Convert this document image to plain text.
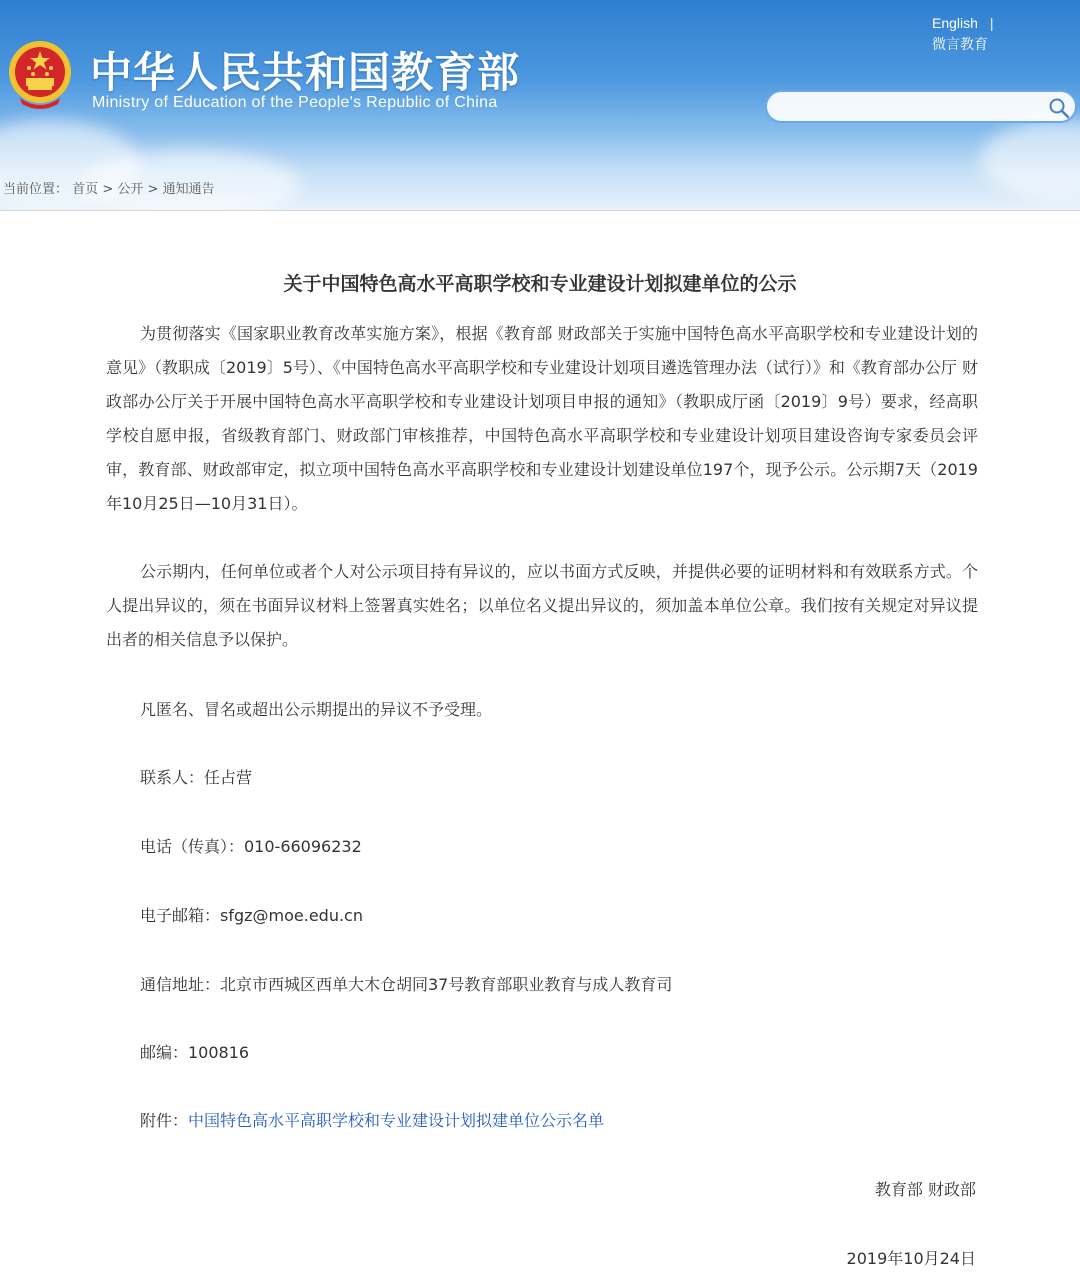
中华人民共和国教育部
Ministry of Education of the People's Republic of China
English |
微言教育
当前位置： 首页 > 公开 > 通知通告
关于中国特色高水平高职学校和专业建设计划拟建单位的公示
为贯彻落实《国家职业教育改革实施方案》，根据《教育部 财政部关于实施中国特色高水平高职学校和专业建设计划的意见》（教职成〔2019〕5号）、《中国特色高水平高职学校和专业建设计划项目遴选管理办法（试行）》和《教育部办公厅 财政部办公厅关于开展中国特色高水平高职学校和专业建设计划项目申报的通知》（教职成厅函〔2019〕9号）要求，经高职学校自愿申报，省级教育部门、财政部门审核推荐，中国特色高水平高职学校和专业建设计划项目建设咨询专家委员会评审，教育部、财政部审定，拟立项中国特色高水平高职学校和专业建设计划建设单位197个，现予公示。公示期7天（2019年10月25日—10月31日）。
公示期内，任何单位或者个人对公示项目持有异议的，应以书面方式反映，并提供必要的证明材料和有效联系方式。个人提出异议的，须在书面异议材料上签署真实姓名；以单位名义提出异议的，须加盖本单位公章。我们按有关规定对异议提出者的相关信息予以保护。
凡匿名、冒名或超出公示期提出的异议不予受理。
联系人：任占营
电话（传真）：010-66096232
电子邮箱：sfgz@moe.edu.cn
通信地址：北京市西城区西单大木仓胡同37号教育部职业教育与成人教育司
邮编：100816
附件：中国特色高水平高职学校和专业建设计划拟建单位公示名单
教育部 财政部
2019年10月24日
